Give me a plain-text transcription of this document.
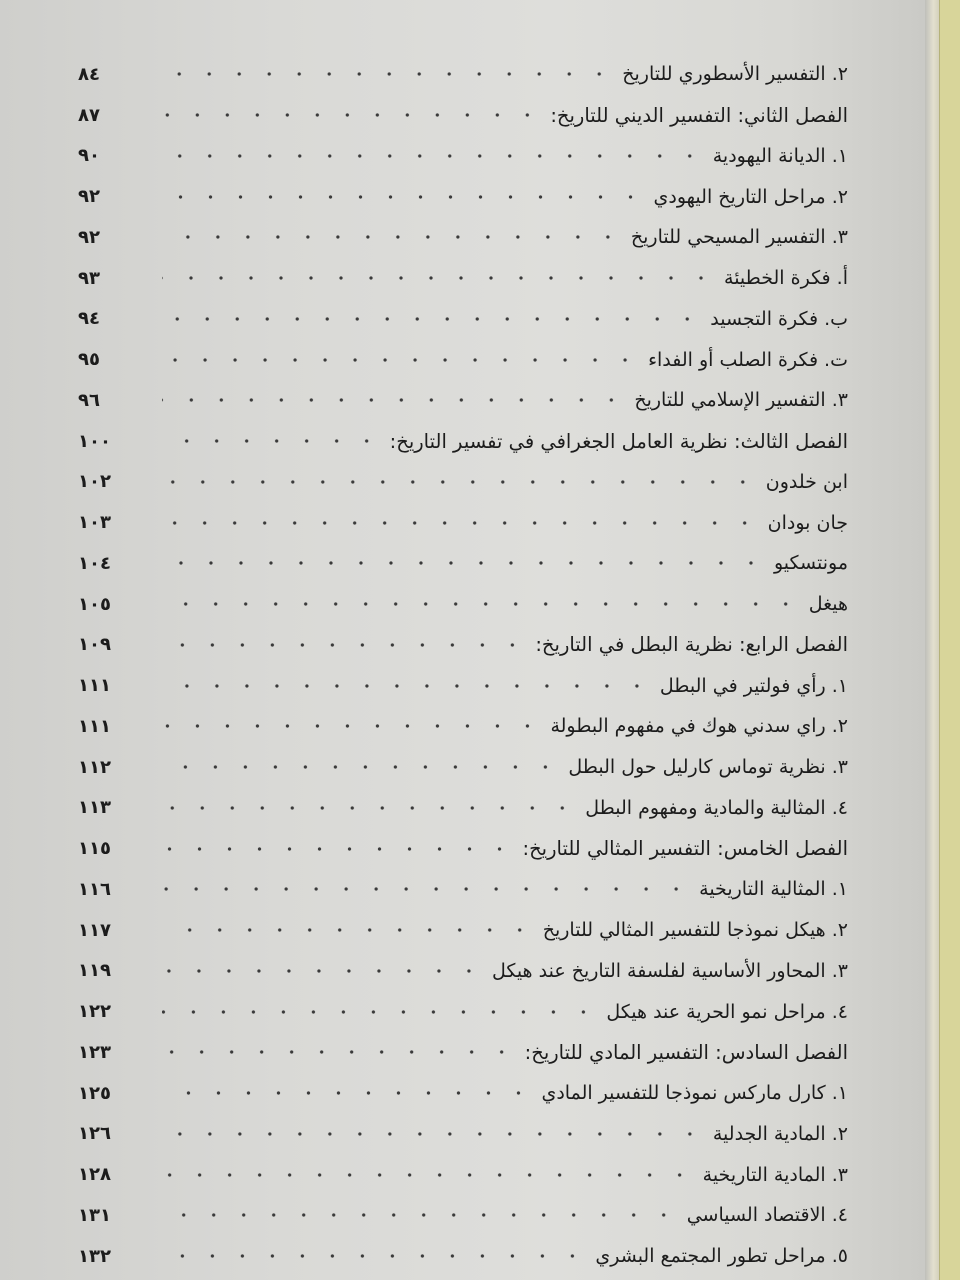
٢. التفسير الأسطوري للتاريخ
٨٤
الفصل الثاني: التفسير الديني للتاريخ:
٨٧
١. الديانة اليهودية
٩٠
٢. مراحل التاريخ اليهودي
٩٢
٣. التفسير المسيحي للتاريخ
٩٢
أ. فكرة الخطيئة
٩٣
ب. فكرة التجسيد
٩٤
ت. فكرة الصلب أو الفداء
٩٥
٣. التفسير الإسلامي للتاريخ
٩٦
الفصل الثالث: نظرية العامل الجغرافي في تفسير التاريخ:
١٠٠
ابن خلدون
١٠٢
جان بودان
١٠٣
مونتسكيو
١٠٤
هيغل
١٠٥
الفصل الرابع: نظرية البطل في التاريخ:
١٠٩
١. رأي فولتير في البطل
١١١
٢. راي سدني هوك في مفهوم البطولة
١١١
٣. نظرية توماس كارليل حول البطل
١١٢
٤. المثالية والمادية ومفهوم البطل
١١٣
الفصل الخامس: التفسير المثالي للتاريخ:
١١٥
١. المثالية التاريخية
١١٦
٢. هيكل نموذجا للتفسير المثالي للتاريخ
١١٧
٣. المحاور الأساسية لفلسفة التاريخ عند هيكل
١١٩
٤. مراحل نمو الحرية عند هيكل
١٢٢
الفصل السادس: التفسير المادي للتاريخ:
١٢٣
١. كارل ماركس نموذجا للتفسير المادي
١٢٥
٢. المادية الجدلية
١٢٦
٣. المادية التاريخية
١٢٨
٤. الاقتصاد السياسي
١٣١
٥. مراحل تطور المجتمع البشري
١٣٢
